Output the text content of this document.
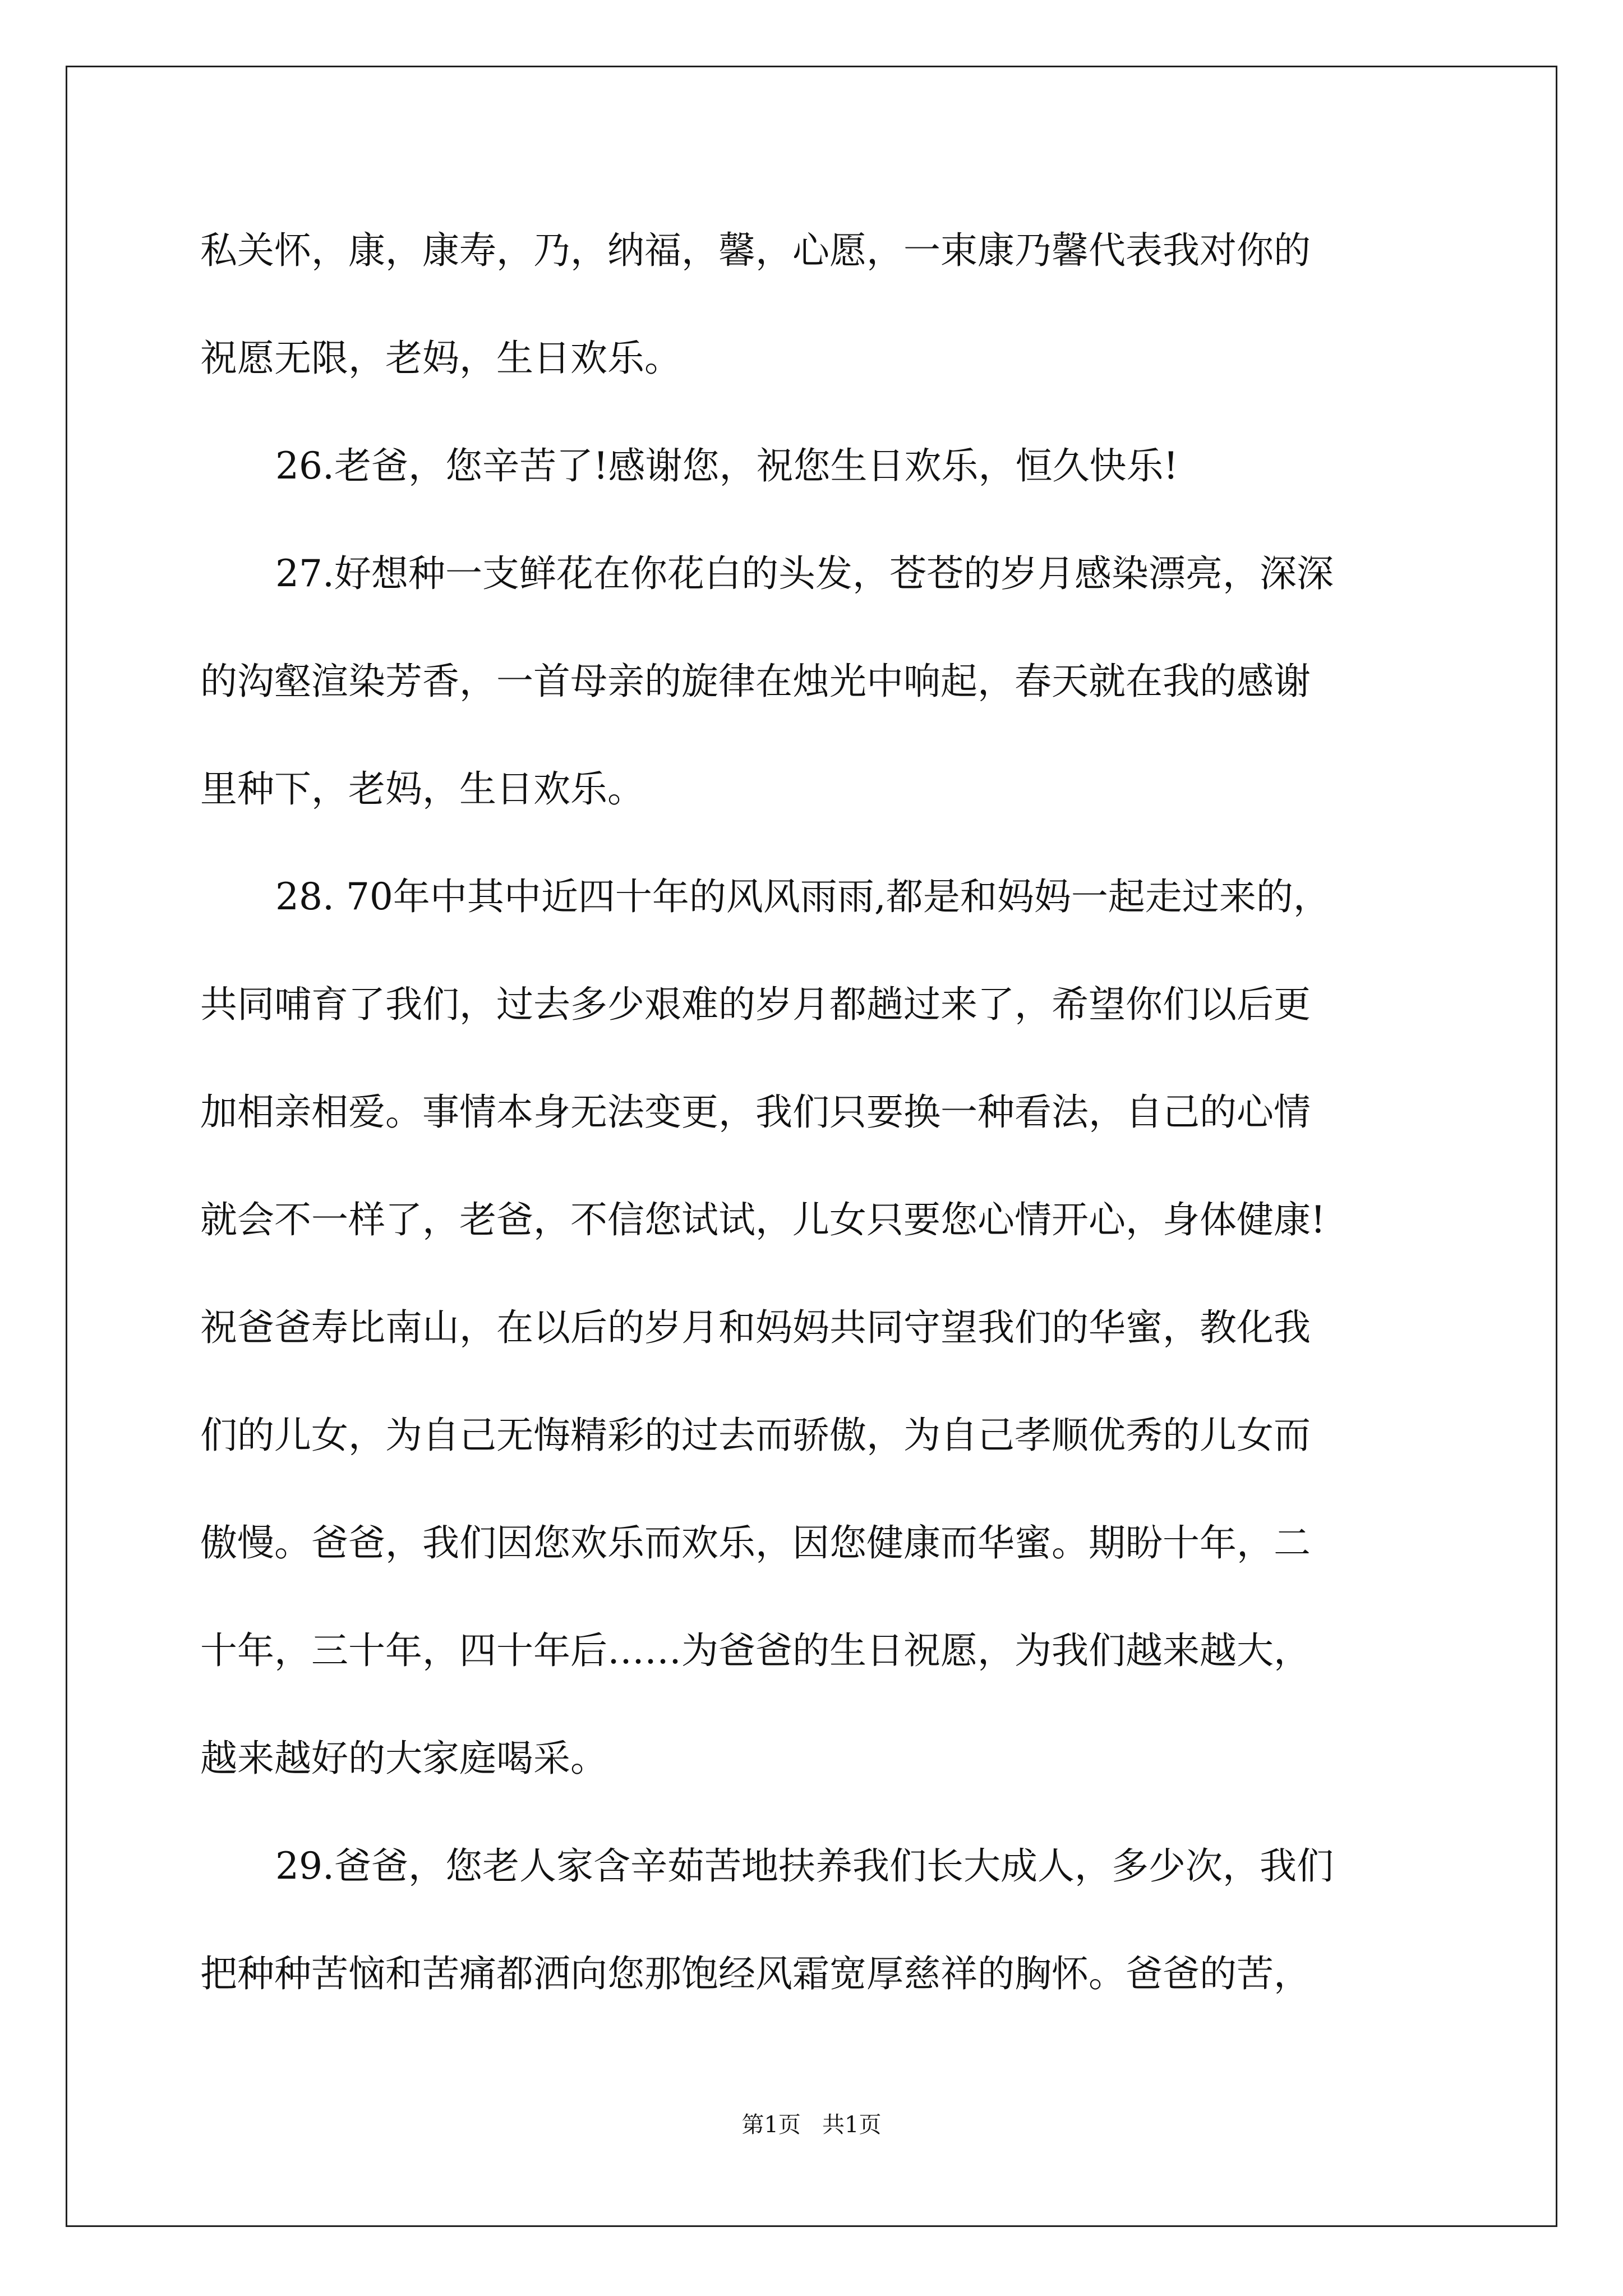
私关怀，康，康寿，乃，纳福，馨，心愿，一束康乃馨代表我对你的
祝愿无限，老妈，生日欢乐。
26.老爸，您辛苦了!感谢您，祝您生日欢乐，恒久快乐!
27.好想种一支鲜花在你花白的头发，苍苍的岁月感染漂亮，深深
的沟壑渲染芳香，一首母亲的旋律在烛光中响起，春天就在我的感谢
里种下，老妈，生日欢乐。
28. 70年中其中近四十年的风风雨雨,都是和妈妈一起走过来的，
共同哺育了我们，过去多少艰难的岁月都趟过来了，希望你们以后更
加相亲相爱。事情本身无法变更，我们只要换一种看法，自己的心情
就会不一样了，老爸，不信您试试，儿女只要您心情开心，身体健康!
祝爸爸寿比南山，在以后的岁月和妈妈共同守望我们的华蜜，教化我
们的儿女，为自己无悔精彩的过去而骄傲，为自己孝顺优秀的儿女而
傲慢。爸爸，我们因您欢乐而欢乐，因您健康而华蜜。期盼十年，二
十年，三十年，四十年后……为爸爸的生日祝愿，为我们越来越大，
越来越好的大家庭喝采。
29.爸爸，您老人家含辛茹苦地扶养我们长大成人，多少次，我们
把种种苦恼和苦痛都洒向您那饱经风霜宽厚慈祥的胸怀。爸爸的苦，
第1页   共1页
